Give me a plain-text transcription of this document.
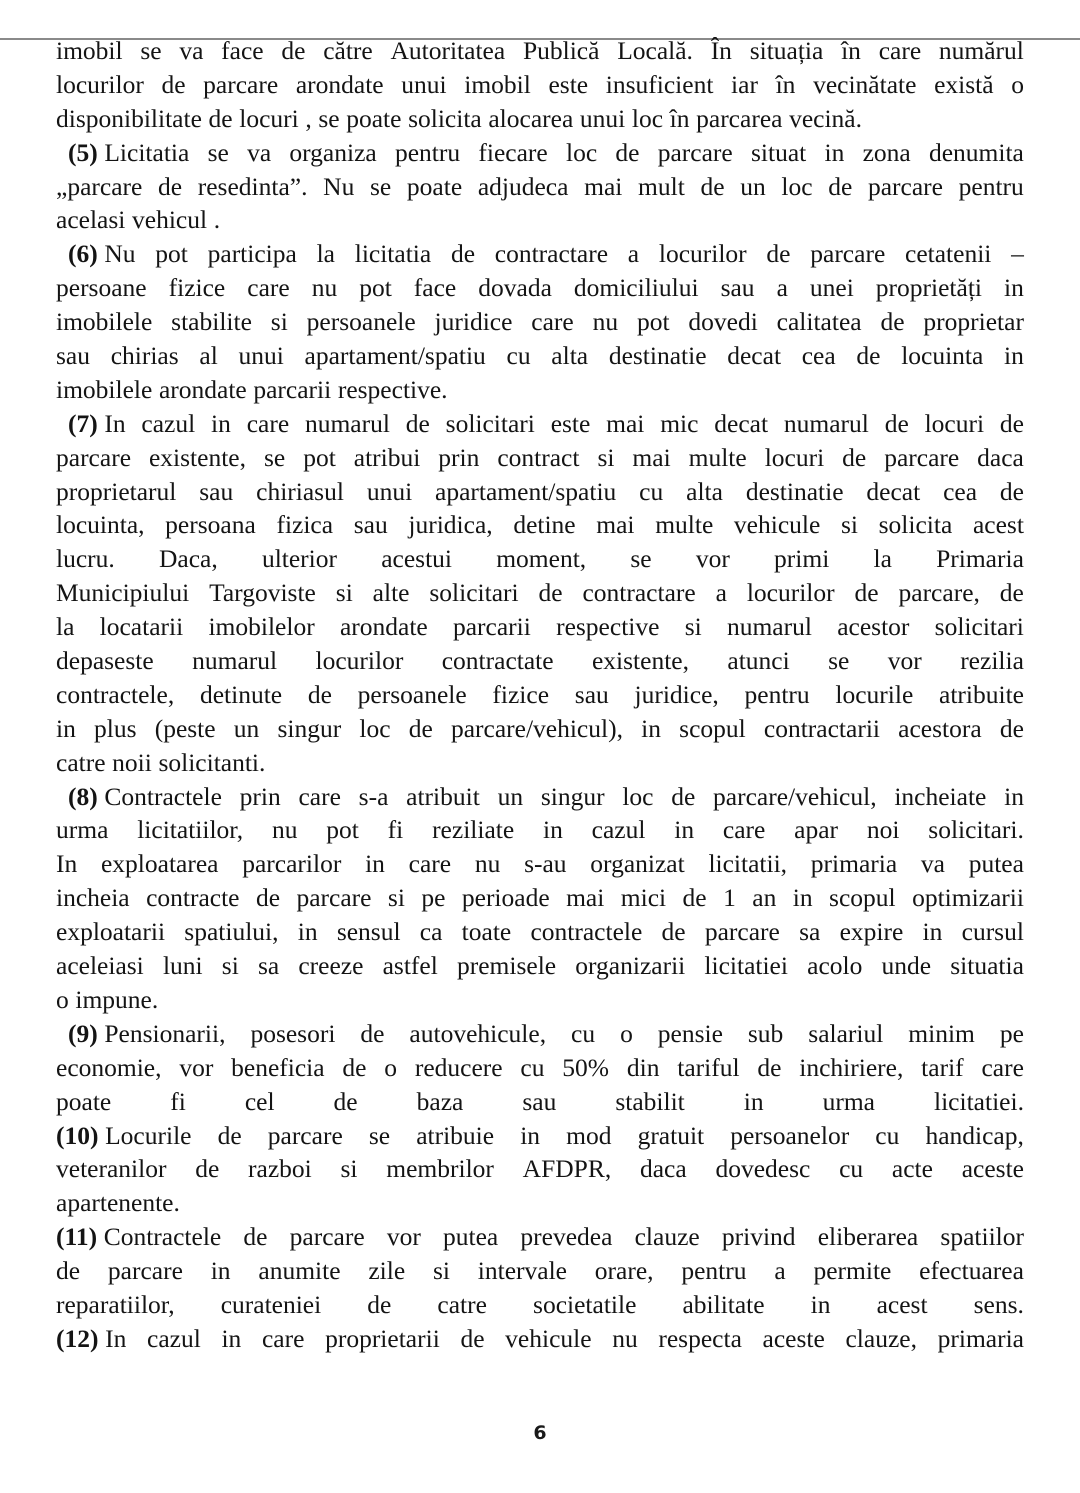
imobil se va face de către Autoritatea Publică Locală. În situația în care numărul
locurilor de parcare arondate unui imobil este insuficient iar în vecinătate există o
disponibilitate de locuri , se poate solicita alocarea unui loc în parcarea vecină.
(5) Licitatia se va organiza pentru fiecare loc de parcare situat in zona denumita
„parcare de resedinta”. Nu se poate adjudeca mai mult de un loc de parcare pentru
acelasi vehicul .
(6) Nu pot participa la licitatia de contractare a locurilor de parcare cetatenii –
persoane fizice care nu pot face dovada domiciliului sau a unei proprietăți in
imobilele stabilite si persoanele juridice care nu pot dovedi calitatea de proprietar
sau chirias al unui apartament/spatiu cu alta destinatie decat cea de locuinta in
imobilele arondate parcarii respective.
(7) In cazul in care numarul de solicitari este mai mic decat numarul de locuri de
parcare existente, se pot atribui prin contract si mai multe locuri de parcare daca
proprietarul sau chiriasul unui apartament/spatiu cu alta destinatie decat cea de
locuinta, persoana fizica sau juridica, detine mai multe vehicule si solicita acest
lucru. Daca, ulterior acestui moment, se vor primi la Primaria
Municipiului Targoviste si alte solicitari de contractare a locurilor de parcare, de
la locatarii imobilelor arondate parcarii respective si numarul acestor solicitari
depaseste numarul locurilor contractate existente, atunci se vor rezilia
contractele, detinute de persoanele fizice sau juridice, pentru locurile atribuite
in plus (peste un singur loc de parcare/vehicul), in scopul contractarii acestora de
catre noii solicitanti.
(8) Contractele prin care s-a atribuit un singur loc de parcare/vehicul, incheiate in
urma licitatiilor, nu pot fi reziliate in cazul in care apar noi solicitari.
In exploatarea parcarilor in care nu s-au organizat licitatii, primaria va putea
incheia contracte de parcare si pe perioade mai mici de 1 an in scopul optimizarii
exploatarii spatiului, in sensul ca toate contractele de parcare sa expire in cursul
aceleiasi luni si sa creeze astfel premisele organizarii licitatiei acolo unde situatia
o impune.
(9) Pensionarii, posesori de autovehicule, cu o pensie sub salariul minim pe
economie, vor beneficia de o reducere cu 50% din tariful de inchiriere, tarif care
poate fi cel de baza sau stabilit in urma licitatiei.
(10) Locurile de parcare se atribuie in mod gratuit persoanelor cu handicap,
veteranilor de razboi si membrilor AFDPR, daca dovedesc cu acte aceste
apartenente.
(11) Contractele de parcare vor putea prevedea clauze privind eliberarea spatiilor
de parcare in anumite zile si intervale orare, pentru a permite efectuarea
reparatiilor, curateniei de catre societatile abilitate in acest sens.
(12) In cazul in care proprietarii de vehicule nu respecta aceste clauze, primaria
6
